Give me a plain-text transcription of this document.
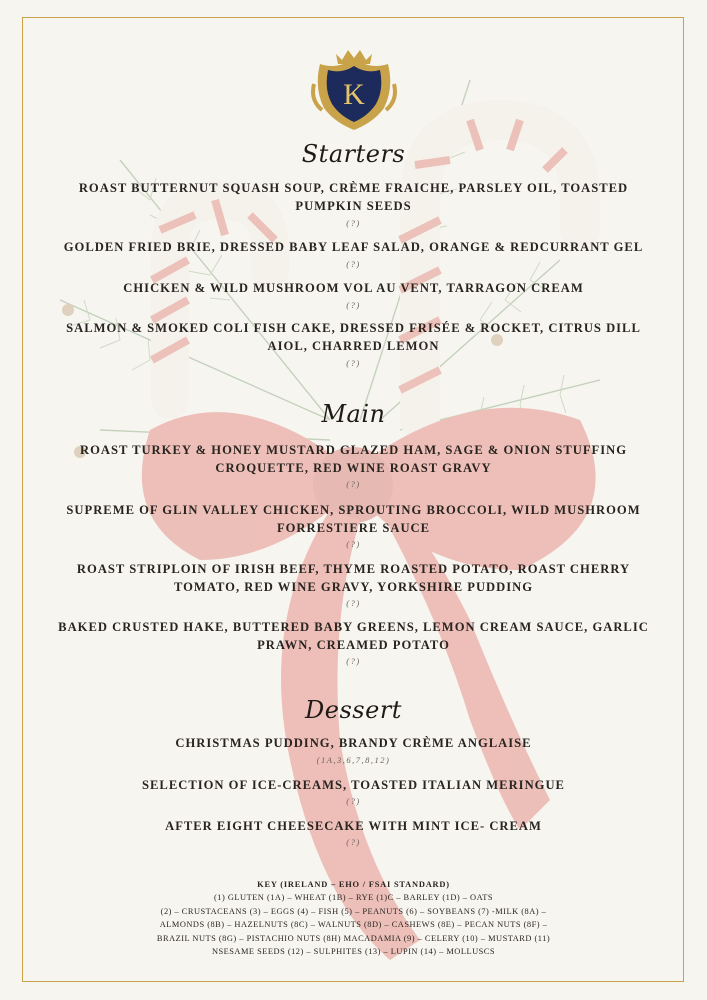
K
Starters
ROAST BUTTERNUT SQUASH SOUP, CRÈME FRAICHE, PARSLEY OIL, TOASTED PUMPKIN SEEDS
(?)
GOLDEN FRIED BRIE, DRESSED BABY LEAF SALAD, ORANGE & REDCURRANT GEL
(?)
CHICKEN & WILD MUSHROOM VOL AU VENT, TARRAGON CREAM
(?)
SALMON & SMOKED COLI FISH CAKE, DRESSED FRISÉE & ROCKET, CITRUS DILL AIOL, CHARRED LEMON
(?)
Main
ROAST TURKEY & HONEY MUSTARD GLAZED HAM, SAGE & ONION STUFFING CROQUETTE, RED WINE ROAST GRAVY
(?)
SUPREME OF GLIN VALLEY CHICKEN, SPROUTING BROCCOLI, WILD MUSHROOM FORRESTIERE SAUCE
(?)
ROAST STRIPLOIN OF IRISH BEEF, THYME ROASTED POTATO, ROAST CHERRY TOMATO, RED WINE GRAVY, YORKSHIRE PUDDING
(?)
BAKED CRUSTED HAKE, BUTTERED BABY GREENS, LEMON CREAM SAUCE, GARLIC PRAWN, CREAMED POTATO
(?)
Dessert
CHRISTMAS PUDDING, BRANDY CRÈME ANGLAISE
(1A,3,6,7,8,12)
SELECTION OF ICE-CREAMS, TOASTED ITALIAN MERINGUE
(?)
AFTER EIGHT CHEESECAKE WITH MINT ICE- CREAM
(?)
KEY (IRELAND – EHO / FSAI STANDARD)
(1) GLUTEN (1A) – WHEAT (1B) – RYE (1)C – BARLEY (1D) – OATS
(2) – CRUSTACEANS (3) – EGGS (4) – FISH (5) – PEANUTS (6) – SOYBEANS (7) -MILK (8A) –
ALMONDS (8B) – HAZELNUTS (8C) – WALNUTS (8D) – CASHEWS (8E) – PECAN NUTS (8F) –
BRAZIL NUTS (8G) – PISTACHIO NUTS (8H) MACADAMIA (9) – CELERY (10) – MUSTARD (11)
NSESAME SEEDS (12) – SULPHITES (13) – LUPIN (14) – MOLLUSCS
